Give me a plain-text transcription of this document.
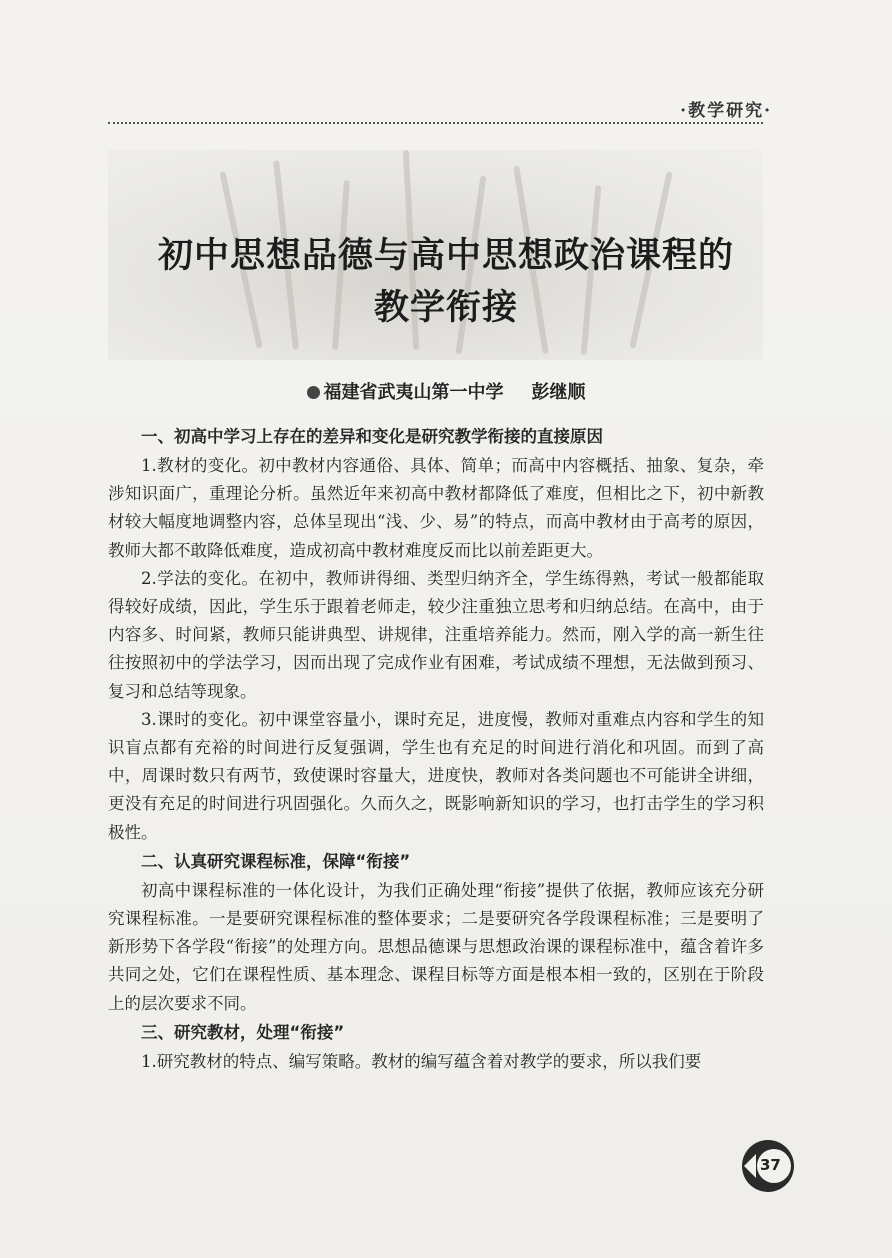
·教学研究·
初中思想品德与高中思想政治课程的
教学衔接
福建省武夷山第一中学 彭继顺
一、初高中学习上存在的差异和变化是研究教学衔接的直接原因

1.教材的变化。初中教材内容通俗、具体、简单；而高中内容概括、抽象、复杂，牵涉知识面广，重理论分析。虽然近年来初高中教材都降低了难度，但相比之下，初中新教材较大幅度地调整内容，总体呈现出“浅、少、易”的特点，而高中教材由于高考的原因，教师大都不敢降低难度，造成初高中教材难度反而比以前差距更大。

2.学法的变化。在初中，教师讲得细、类型归纳齐全，学生练得熟，考试一般都能取得较好成绩，因此，学生乐于跟着老师走，较少注重独立思考和归纳总结。在高中，由于内容多、时间紧，教师只能讲典型、讲规律，注重培养能力。然而，刚入学的高一新生往往按照初中的学法学习，因而出现了完成作业有困难，考试成绩不理想，无法做到预习、复习和总结等现象。

3.课时的变化。初中课堂容量小，课时充足，进度慢，教师对重难点内容和学生的知识盲点都有充裕的时间进行反复强调，学生也有充足的时间进行消化和巩固。而到了高中，周课时数只有两节，致使课时容量大，进度快，教师对各类问题也不可能讲全讲细，更没有充足的时间进行巩固强化。久而久之，既影响新知识的学习，也打击学生的学习积极性。

二、认真研究课程标准，保障“衔接”

初高中课程标准的一体化设计，为我们正确处理“衔接”提供了依据，教师应该充分研究课程标准。一是要研究课程标准的整体要求；二是要研究各学段课程标准；三是要明了新形势下各学段“衔接”的处理方向。思想品德课与思想政治课的课程标准中，蕴含着许多共同之处，它们在课程性质、基本理念、课程目标等方面是根本相一致的，区别在于阶段上的层次要求不同。

三、研究教材，处理“衔接”

1.研究教材的特点、编写策略。教材的编写蕴含着对教学的要求，所以我们要

37
